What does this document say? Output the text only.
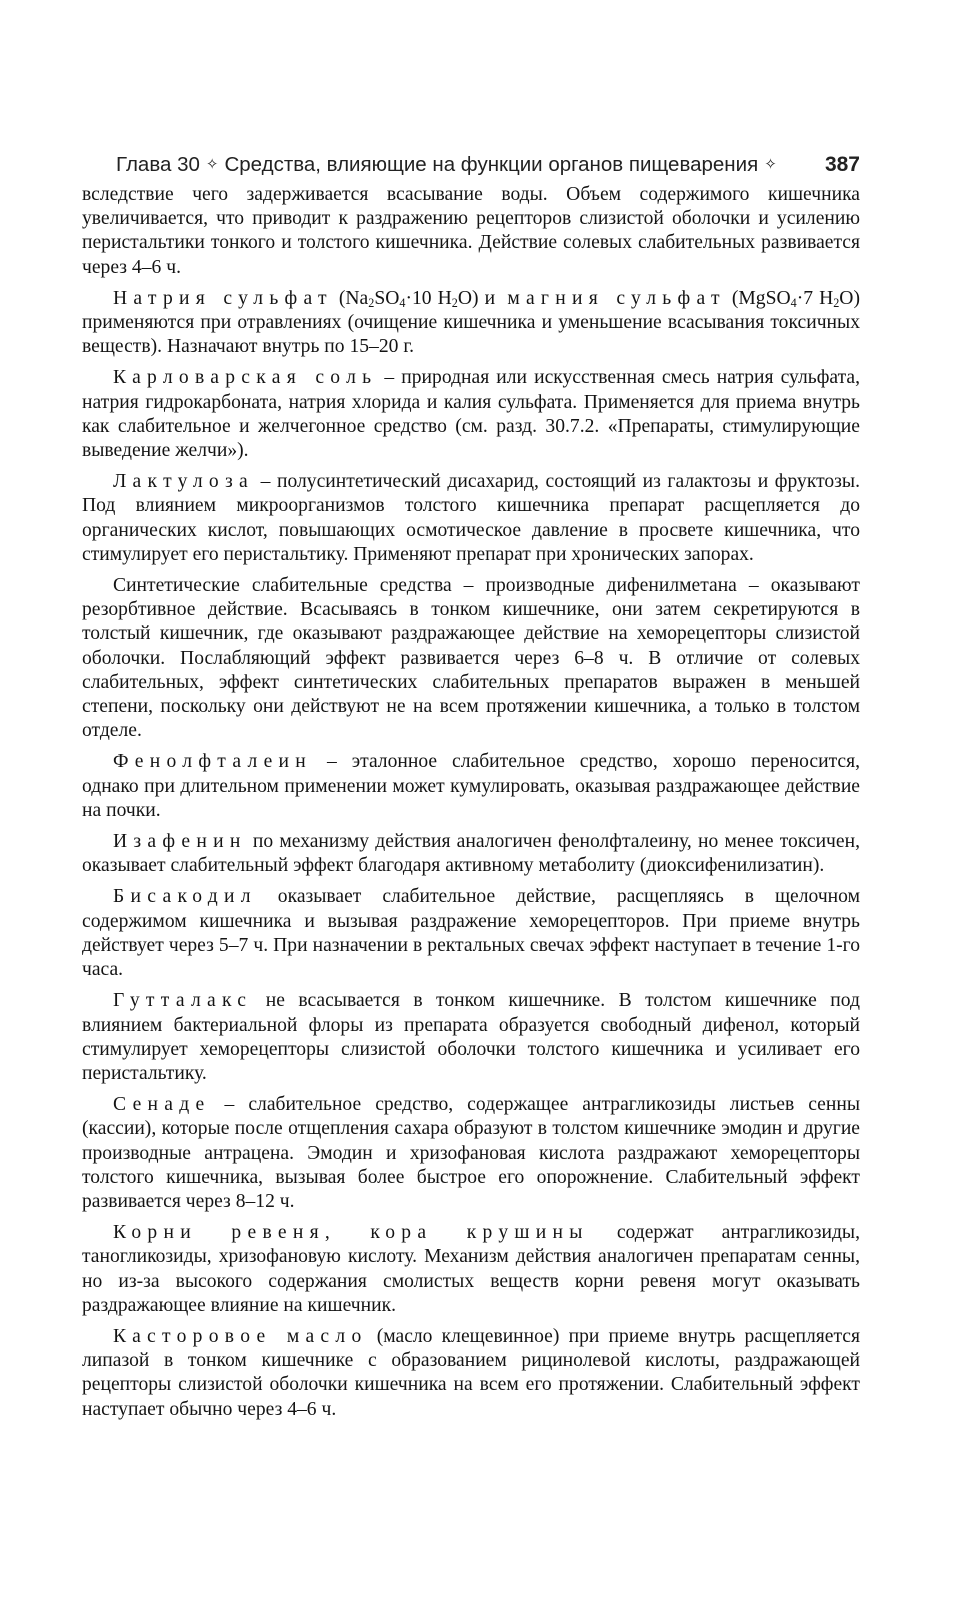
Глава 30 ✧ Средства, влияющие на функции органов пищеварения ✧ 387

вследствие чего задерживается всасывание воды. Объем содержимого кишечника увеличивается, что приводит к раздражению рецепторов слизистой оболочки и усилению перистальтики тонкого и толстого кишечника. Действие солевых слабительных развивается через 4–6 ч.

Натрия сульфат ($Na_2SO_4\cdot 10$ $H_2O$) и магния сульфат (MgSO$_4$·7 $H_2O$) применяются при отравлениях (очищение кишечника и уменьшение всасывания токсичных веществ). Назначают внутрь по 15–20 г.

Карловарская соль – природная или искусственная смесь натрия сульфата, натрия гидрокарбоната, натрия хлорида и калия сульфата. Применяется для приема внутрь как слабительное и желчегонное средство (см. разд. 30.7.2. «Препараты, стимулирующие выведение желчи»).

Лактулоза – полусинтетический дисахарид, состоящий из галактозы и фруктозы. Под влиянием микроорганизмов толстого кишечника препарат расщепляется до органических кислот, повышающих осмотическое давление в просвете кишечника, что стимулирует его перистальтику. Применяют препарат при хронических запорах.

Синтетические слабительные средства – производные дифенилметана – оказывают резорбтивное действие. Всасываясь в тонком кишечнике, они затем секретируются в толстый кишечник, где оказывают раздражающее действие на хеморецепторы слизистой оболочки. Послабляющий эффект развивается через 6–8 ч. В отличие от солевых слабительных, эффект синтетических слабительных препаратов выражен в меньшей степени, поскольку они действуют не на всем протяжении кишечника, а только в толстом отделе.

Фенолфталеин – эталонное слабительное средство, хорошо переносится, однако при длительном применении может кумулировать, оказывая раздражающее действие на почки.

Изафенин по механизму действия аналогичен фенолфталеину, но менее токсичен, оказывает слабительный эффект благодаря активному метаболиту (диоксифенилизатин).

Бисакодил оказывает слабительное действие, расщепляясь в щелочном содержимом кишечника и вызывая раздражение хеморецепторов. При приеме внутрь действует через 5–7 ч. При назначении в ректальных свечах эффект наступает в течение 1-го часа.

Гутталакс не всасывается в тонком кишечнике. В толстом кишечнике под влиянием бактериальной флоры из препарата образуется свободный дифенол, который стимулирует хеморецепторы слизистой оболочки толстого кишечника и усиливает его перистальтику.

Сенаде – слабительное средство, содержащее антрагликозиды листьев сенны (кассии), которые после отщепления сахара образуют в толстом кишечнике эмодин и другие производные антрацена. Эмодин и хризофановая кислота раздражают хеморецепторы толстого кишечника, вызывая более быстрое его опорожнение. Слабительный эффект развивается через 8–12 ч.

Корни ревеня, кора крушины содержат антрагликозиды, таногликозиды, хризофановую кислоту. Механизм действия аналогичен препаратам сенны, но из-за высокого содержания смолистых веществ корни ревеня могут оказывать раздражающее влияние на кишечник.

Касторовое масло (масло клещевинное) при приеме внутрь расщепляется липазой в тонком кишечнике с образованием рицинолевой кислоты, раздражающей рецепторы слизистой оболочки кишечника на всем его протяжении. Слабительный эффект наступает обычно через 4–6 ч.
